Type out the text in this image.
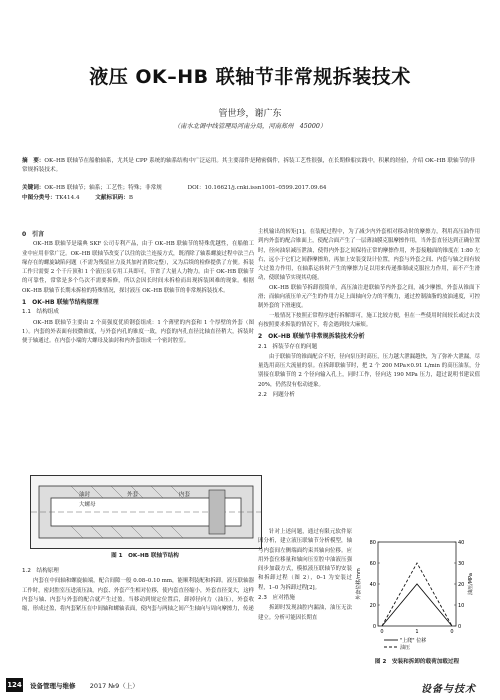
液压 OK–HB 联轴节非常规拆装技术
管世珍，谢广东
（南水北调中线管理局河南分局，河南郑州　45000）
摘　要：OK–HB 联轴节在船舶轴系，尤其是 CPP 系统的轴系结构中广泛运用。其主要部件是精密偶件，拆装工艺性很强，在长期修船实践中，积累的经验，介绍 OK–HB 联轴节的非常规拆装技术。
关键词：OK–HB 联轴节；轴系；工艺性；特殊；非常规	DOI：10.16621/j.cnki.issn1001–0599.2017.09.64
中图分类号：TK414.4	文献标识码：B
0　引言

OK–HB 联轴节是瑞典 SKF 公司专利产品，由于 OK–HB 联轴节的特殊优越性，在船舶工业中应用非常广泛。OK–HB 联轴节改变了以往的法兰连接方式，既消除了轴系螺旋过程中法兰凸缘存在的螺旋缺陷问题（不需为残留应力及其加衬消除完整），又为后续的检修提供了方便。拆装工作只需要 2 个千斤顶和 1 个液压泵专用工具即可，节省了大量人力物力。由于 OK–HB 联轴节的可靠性，常常是多个鸟次不需要拆修，所以会因长时间未拆检而出现拆装困难的现象。根据 OK–HB 联轴节长期未拆检的特殊情况，探讨液压 OK–HB 联轴节的非常规拆装技术。

1　OK–HB 联轴节结构原理
1.1　结构组成

OK–HB 联轴节主要由 2 个高强度优质钢套组成：1 个薄壁的内套和 1 个厚壁的外套（图 1）。内套的外表面有较微锥度，与外套内孔的锥度一致，内套的内孔直径比轴直径稍大，拆装时便于轴通过。在内套小端的大螺母及油封和内外套组成一个密封腔室。

油封	外套	内套
大螺母
图 1　OK–HB 联轴节结构
1.2　结构原理

内套在中间轴和螺旋轴端，配合间隙一般 0.08–0.10 mm，能顺利装配和拆卸。液压联轴器工作时，密封腔室压进液压油，内套、外套产生相对位移，使内套直径缩小，外套直径变大，这样内套与轴、内套与外套的配合就产生过盈。当移动到规定位置后，卸掉径向力（油压），外套收缩，形成过盈，将内套紧压在中间轴和螺轴表面，使内套与两轴之间产生轴向与周向摩擦力，传递

主机输出的转矩[1]。在装配过程中，为了减少内外套相对移动时的摩擦力，利用高压油作用到内外套的配合锥面上，使配合面产生了一层薄油膜克服摩擦作用，当外套直径达到正确位置时，径向油泵减压泄油，使得内外套之间保持正常的摩擦作用，外套接触面的锥度在 1:80 左右，远小于它们之间静摩擦角，再加上安装变设计位置，内套与外套之间、内套与轴之间有较大过盈力作用，在轴系运转时产生的摩擦力足以用来传递推制或克服拉力作用，而不产生滑动，使联轴节实现其功能。

OK–HB 联轴节拆卸很简单，高压油注进联轴节内外套之间，减少摩擦，外套从锥面下滑；而轴向液压单元产生的作用力足上面轴向分力的平衡力，通过控制油脂的放油速度，可控制外套的下滑速度。

一般情况下按照正常程序进行拆解即可，施工比较方便，但在一些使用时间较长或过去没有按照要求拆装的情况下，将会遇到较大麻烦。

2　OK–HB 联轴节非常规拆装技术分析
2.1　拆装节存在的问题

由于联轴节的锥面配合不好，径向泵压时高压，压力越大泄漏越快，为了弥补大泄漏，尽量选用高压大流量的泵。在拆卸联轴节时，把 2 个 200 MPa×0.91 L/min 的高压油泵，分别接在联轴节的 2 个径向输入孔上，同时工作，径向达 190 MPa 压力，超过说明书建议值 20%，仍然没有松动迹象。

2.2　问题分析

针对上述问题，通过有限元软件原因分析，建立液压联轴节分析模型，轴与内套间左侧端面约束其轴向位移。应用外套位移量和轴向压室腔中油液压强间步加载方式，模拟液压联轴节的安装和拆卸过程（图 2），0–1 为安装过程，1–0 为拆卸过程[2]。

2.3　应对措施

拆卸时发现油腔内漏油，油压无法建立。分析可能因长期直

0
20
40
60
80
0
10
20
30
40
0	1	0
外套位移/mm	油压/MPa
"上爬" 位移
油压
图 2　安装和拆卸的载荷加载过程
124 设备管理与维修 2017 №9（上）	设备与技术
